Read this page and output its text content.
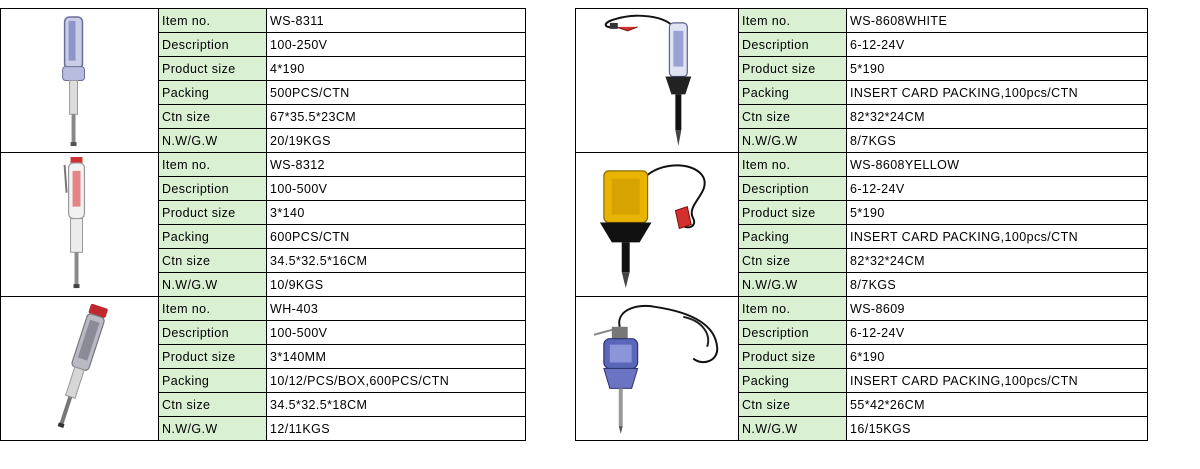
	Item no.	WS-8311
	Description	100-250V
	Product size	4*190
	Packing	500PCS/CTN
	Ctn size	67*35.5*23CM
	N.W/G.W	20/19KGS

	Item no.	WS-8312
	Description	100-500V
	Product size	3*140
	Packing	600PCS/CTN
	Ctn size	34.5*32.5*16CM
	N.W/G.W	10/9KGS

	Item no.	WH-403
	Description	100-500V
	Product size	3*140MM
	Packing	10/12/PCS/BOX,600PCS/CTN
	Ctn size	34.5*32.5*18CM
	N.W/G.W	12/11KGS
	Item no.	WS-8608WHITE
	Description	6-12-24V
	Product size	5*190
	Packing	INSERT CARD PACKING,100pcs/CTN
	Ctn size	82*32*24CM
	N.W/G.W	8/7KGS

	Item no.	WS-8608YELLOW
	Description	6-12-24V
	Product size	5*190
	Packing	INSERT CARD PACKING,100pcs/CTN
	Ctn size	82*32*24CM
	N.W/G.W	8/7KGS

	Item no.	WS-8609
	Description	6-12-24V
	Product size	6*190
	Packing	INSERT CARD PACKING,100pcs/CTN
	Ctn size	55*42*26CM
	N.W/G.W	16/15KGS
